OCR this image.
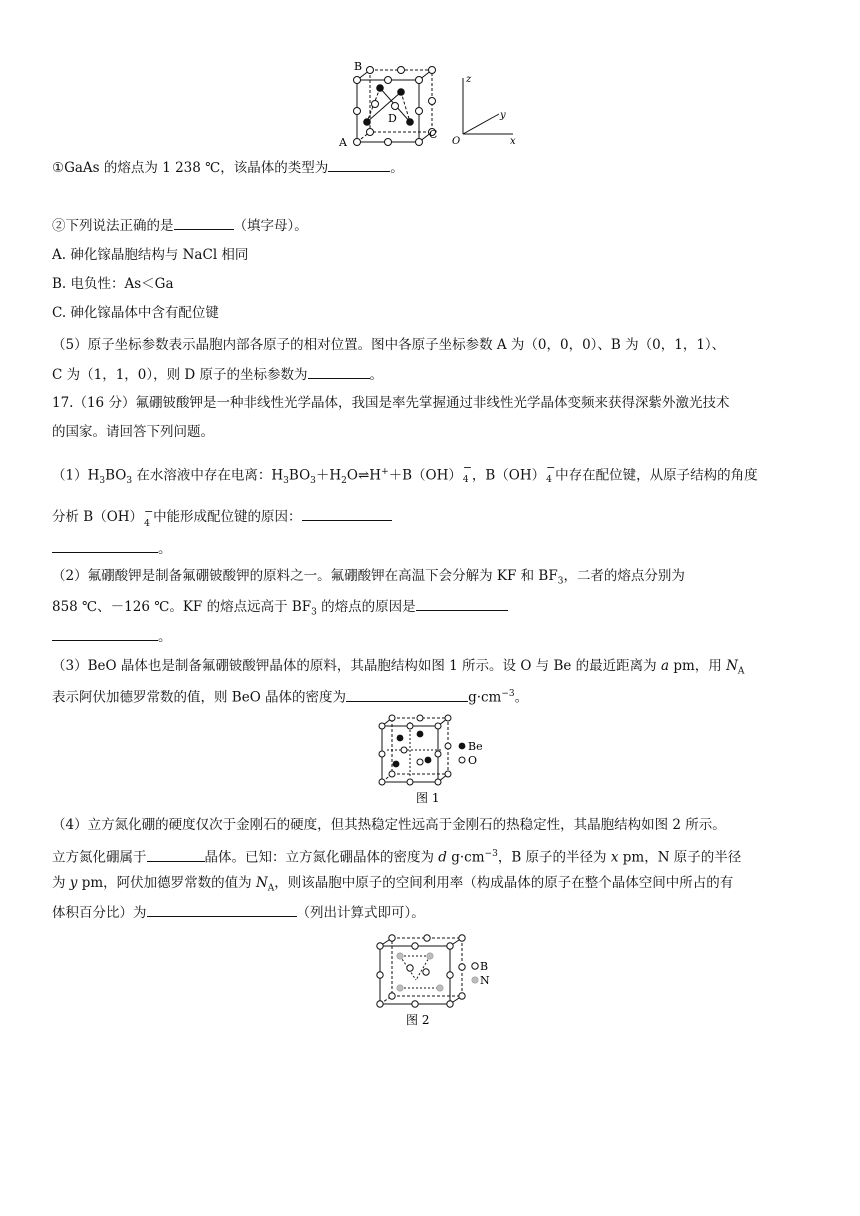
B
A
C
D
z
y
x
O
①GaAs 的熔点为 1 238 ℃，该晶体的类型为	。
②下列说法正确的是	（填字母）。
A. 砷化镓晶胞结构与 NaCl 相同
B. 电负性：As＜Ga
C. 砷化镓晶体中含有配位键
（5）原子坐标参数表示晶胞内部各原子的相对位置。图中各原子坐标参数 A 为（0，0，0）、B 为（0，1，1）、
C 为（1，1，0），则 D 原子的坐标参数为	。
17.（16 分）氟硼铍酸钾是一种非线性光学晶体，我国是率先掌握通过非线性光学晶体变频来获得深紫外激光技术
的国家。请回答下列问题。
$(1)H_3BO_3$ 在水溶液中存在电离：$H_3BO_3+H_2O\rightleftharpoons H^++B(OH)$ −
4 ，B（OH） −
4 中存在配位键，从原子结构的角度
分析 B（OH） −
4 中能形成配位键的原因：
。
（2）氟硼酸钾是制备氟硼铍酸钾的原料之一。氟硼酸钾在高温下会分解为 KF 和 $BF_3$，二者的熔点分别为
858 ℃、－126 ℃。KF 的熔点远高于 $BF_3$ 的熔点的原因是
。
（3）BeO 晶体也是制备氟硼铍酸钾晶体的原料，其晶胞结构如图 1 所示。设 O 与 Be 的最近距离为 a pm，用 $N_A$
表示阿伏加德罗常数的值，则 BeO 晶体的密度为	$g\cdot cm^{-3}$。
Be
O
图 1
（4）立方氮化硼的硬度仅次于金刚石的硬度，但其热稳定性远高于金刚石的热稳定性，其晶胞结构如图 2 所示。
立方氮化硼属于	晶体。已知：立方氮化硼晶体的密度为 d $g\cdot cm^{-3}$，B 原子的半径为 x pm，N 原子的半径
为 y pm，阿伏加德罗常数的值为 $N_A$，则该晶胞中原子的空间利用率（构成晶体的原子在整个晶体空间中所占的有
体积百分比）为	（列出计算式即可）。
B
N
图 2
